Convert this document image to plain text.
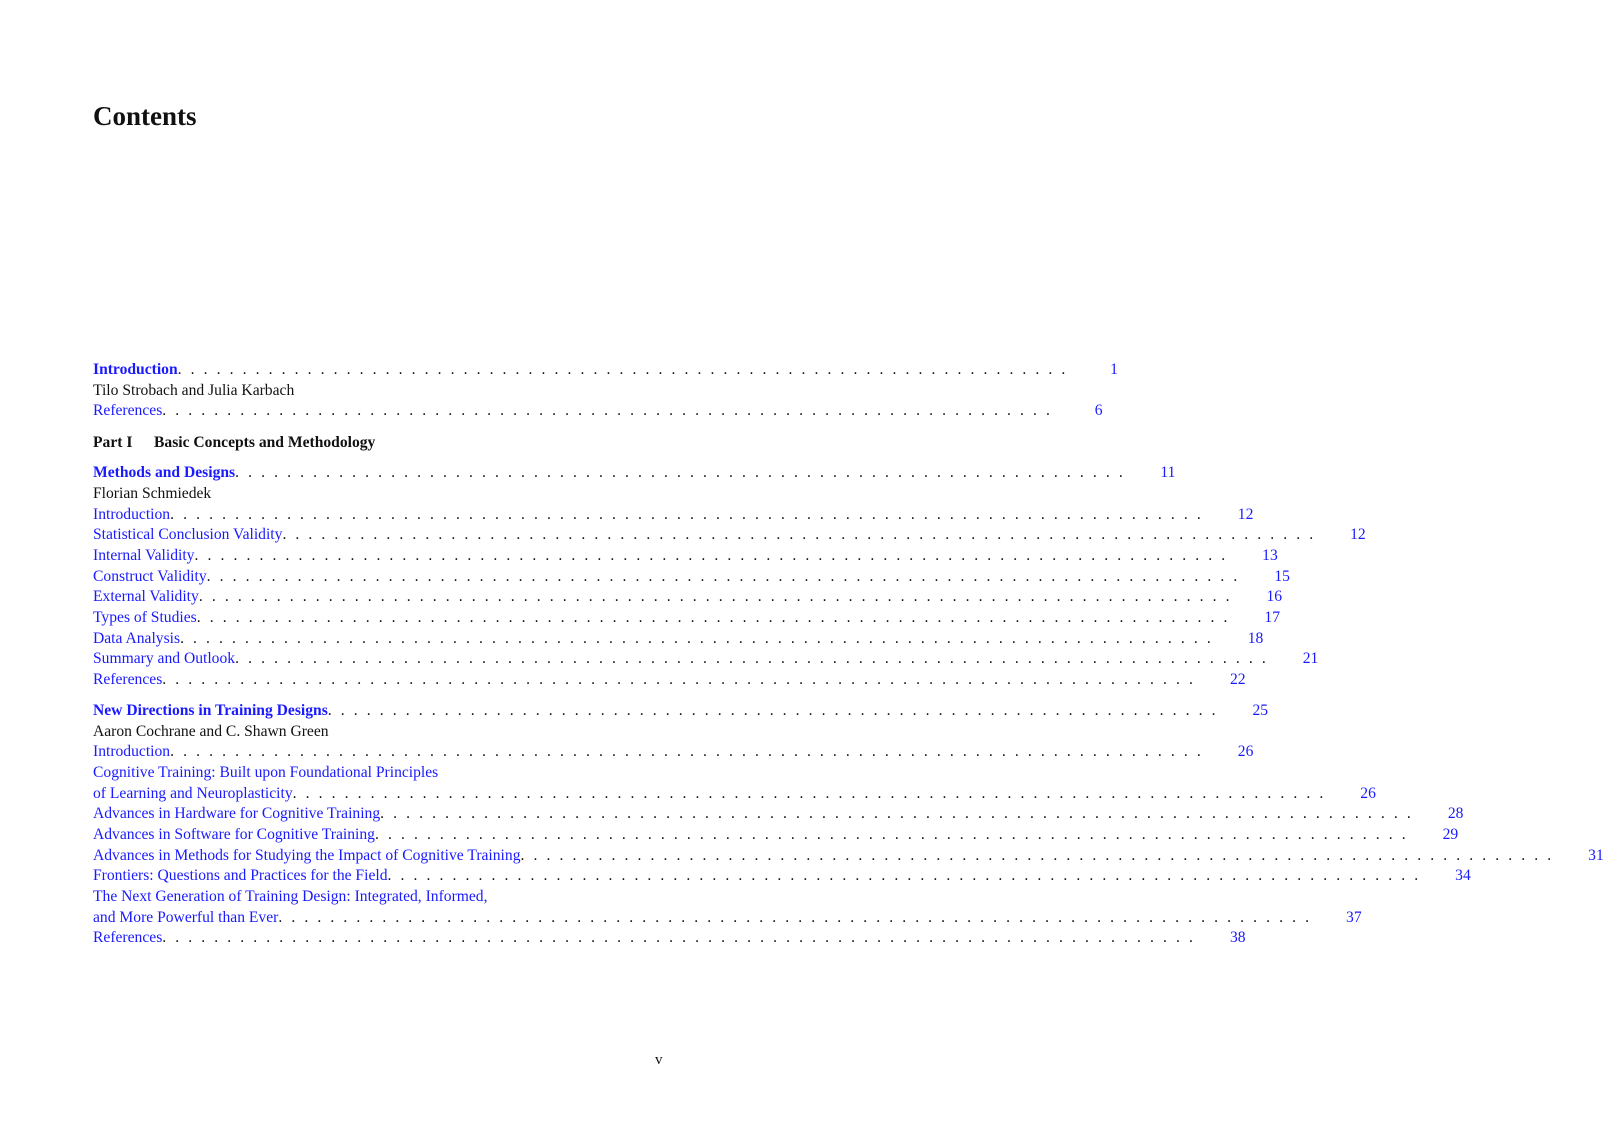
Contents
Introduction . . . . . . . . . . . . . . . . . . . . . . . . . . . . . . . . . . . . . . . . . . . . . . . . . . . . . . . . . . . . . . . . . . . . .	1
Tilo Strobach and Julia Karbach
References . . . . . . . . . . . . . . . . . . . . . . . . . . . . . . . . . . . . . . . . . . . . . . . . . . . . . . . . . . . . . . . . . . . . .	6
Part I Basic Concepts and Methodology
Methods and Designs . . . . . . . . . . . . . . . . . . . . . . . . . . . . . . . . . . . . . . . . . . . . . . . . . . . . . . . . . . . . . . . . . . . . .	11
Florian Schmiedek
Introduction . . . . . . . . . . . . . . . . . . . . . . . . . . . . . . . . . . . . . . . . . . . . . . . . . . . . . . . . . . . . . . . . . . . . . . . . . . . . . . . .	12
Statistical Conclusion Validity . . . . . . . . . . . . . . . . . . . . . . . . . . . . . . . . . . . . . . . . . . . . . . . . . . . . . . . . . . . . . . . . . . . . . . . . . . . . . . . .	12
Internal Validity . . . . . . . . . . . . . . . . . . . . . . . . . . . . . . . . . . . . . . . . . . . . . . . . . . . . . . . . . . . . . . . . . . . . . . . . . . . . . . . .	13
Construct Validity . . . . . . . . . . . . . . . . . . . . . . . . . . . . . . . . . . . . . . . . . . . . . . . . . . . . . . . . . . . . . . . . . . . . . . . . . . . . . . . .	15
External Validity . . . . . . . . . . . . . . . . . . . . . . . . . . . . . . . . . . . . . . . . . . . . . . . . . . . . . . . . . . . . . . . . . . . . . . . . . . . . . . . .	16
Types of Studies . . . . . . . . . . . . . . . . . . . . . . . . . . . . . . . . . . . . . . . . . . . . . . . . . . . . . . . . . . . . . . . . . . . . . . . . . . . . . . . .	17
Data Analysis . . . . . . . . . . . . . . . . . . . . . . . . . . . . . . . . . . . . . . . . . . . . . . . . . . . . . . . . . . . . . . . . . . . . . . . . . . . . . . . .	18
Summary and Outlook . . . . . . . . . . . . . . . . . . . . . . . . . . . . . . . . . . . . . . . . . . . . . . . . . . . . . . . . . . . . . . . . . . . . . . . . . . . . . . . .	21
References . . . . . . . . . . . . . . . . . . . . . . . . . . . . . . . . . . . . . . . . . . . . . . . . . . . . . . . . . . . . . . . . . . . . . . . . . . . . . . . .	22
New Directions in Training Designs . . . . . . . . . . . . . . . . . . . . . . . . . . . . . . . . . . . . . . . . . . . . . . . . . . . . . . . . . . . . . . . . . . . . .	25
Aaron Cochrane and C. Shawn Green
Introduction . . . . . . . . . . . . . . . . . . . . . . . . . . . . . . . . . . . . . . . . . . . . . . . . . . . . . . . . . . . . . . . . . . . . . . . . . . . . . . . .	26
Cognitive Training: Built upon Foundational Principles
of Learning and Neuroplasticity . . . . . . . . . . . . . . . . . . . . . . . . . . . . . . . . . . . . . . . . . . . . . . . . . . . . . . . . . . . . . . . . . . . . . . . . . . . . . . . .	26
Advances in Hardware for Cognitive Training . . . . . . . . . . . . . . . . . . . . . . . . . . . . . . . . . . . . . . . . . . . . . . . . . . . . . . . . . . . . . . . . . . . . . . . . . . . . . . . .	28
Advances in Software for Cognitive Training . . . . . . . . . . . . . . . . . . . . . . . . . . . . . . . . . . . . . . . . . . . . . . . . . . . . . . . . . . . . . . . . . . . . . . . . . . . . . . . .	29
Advances in Methods for Studying the Impact of Cognitive Training . . . . . . . . . . . . . . . . . . . . . . . . . . . . . . . . . . . . . . . . . . . . . . . . . . . . . . . . . . . . . . . . . . . . . . . . . . . . . . . .	31
Frontiers: Questions and Practices for the Field . . . . . . . . . . . . . . . . . . . . . . . . . . . . . . . . . . . . . . . . . . . . . . . . . . . . . . . . . . . . . . . . . . . . . . . . . . . . . . . .	34
The Next Generation of Training Design: Integrated, Informed,
and More Powerful than Ever . . . . . . . . . . . . . . . . . . . . . . . . . . . . . . . . . . . . . . . . . . . . . . . . . . . . . . . . . . . . . . . . . . . . . . . . . . . . . . . .	37
References . . . . . . . . . . . . . . . . . . . . . . . . . . . . . . . . . . . . . . . . . . . . . . . . . . . . . . . . . . . . . . . . . . . . . . . . . . . . . . . .	38
v
